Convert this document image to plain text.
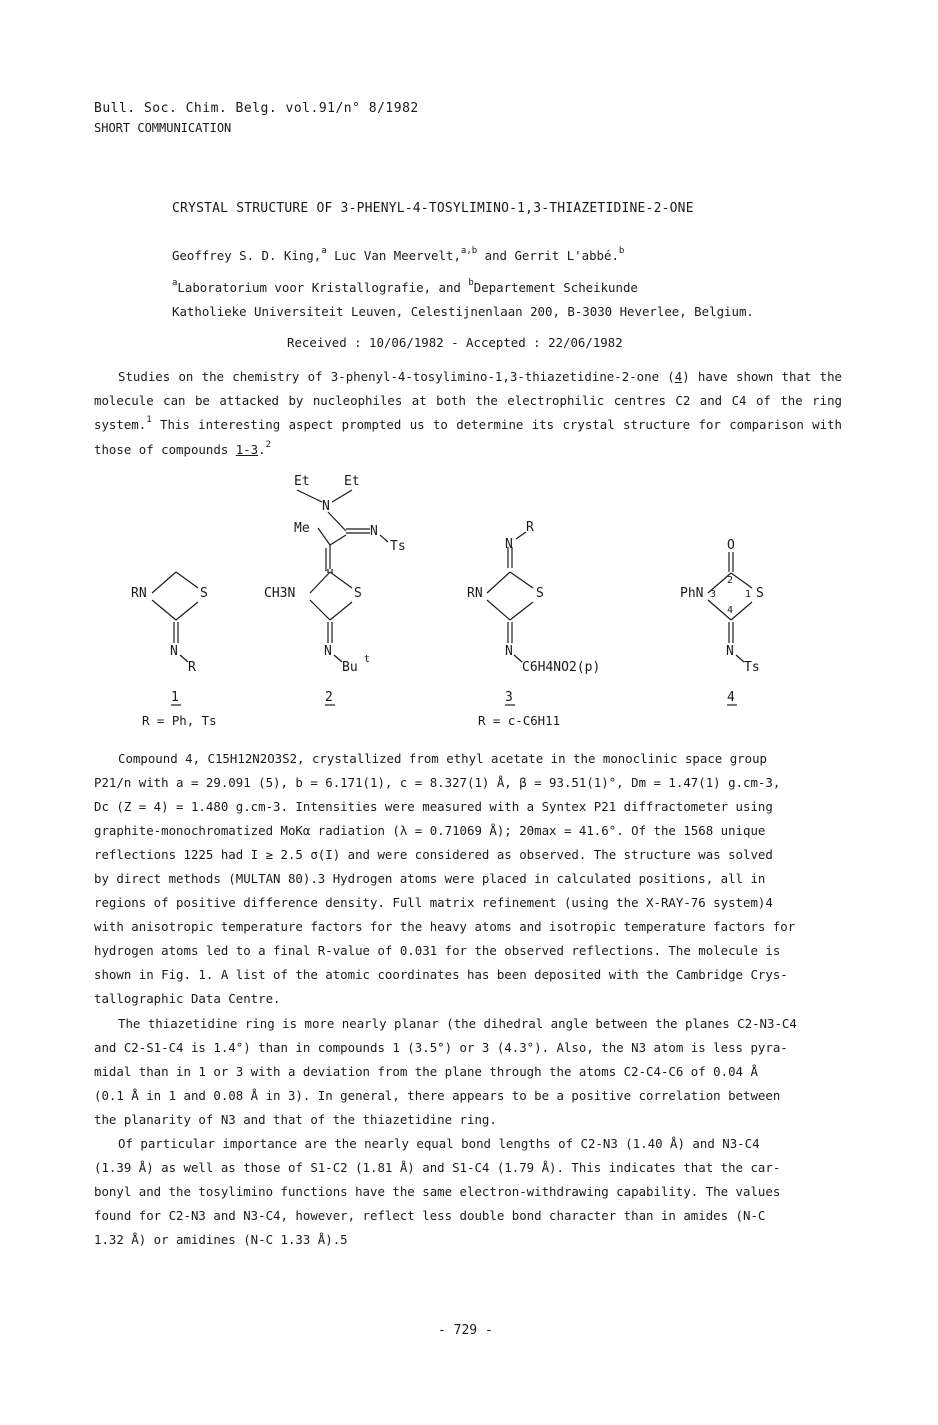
Bull. Soc. Chim. Belg. vol.91/n° 8/1982
SHORT COMMUNICATION
CRYSTAL STRUCTURE OF 3-PHENYL-4-TOSYLIMINO-1,3-THIAZETIDINE-2-ONE
Geoffrey S. D. King,$^a$ Luc Van Meervelt,$^{a,b}$ and Gerrit L'abbé.$^b$
$^a$Laboratorium voor Kristallografie, and $^b$Departement Scheikunde
Katholieke Universiteit Leuven, Celestijnenlaan 200, B-3030 Heverlee, Belgium.
Received : 10/06/1982 - Accepted : 22/06/1982
Studies on the chemistry of 3-phenyl-4-tosylimino-1,3-thiazetidine-2-one (4) have shown that the molecule can be attacked by nucleophiles at both the electrophilic centres C2 and C4 of the ring system.$^1$ This interesting aspect prompted us to determine its crystal structure for comparison with those of compounds 1-3.$^2$
RN	S
N
R
1
R = Ph, Ts
Et	Et
N
Me	N
Ts
CH3N	S
N
Bu
t
2
N
R
RN	S
N
C6H4NO2(p)
3
R = c-C6H11
O
PhN 3
2
1 S
4
N
Ts
4
Compound 4, C15H12N2O3S2, crystallized from ethyl acetate in the monoclinic space group
P21/n with a = 29.091 (5), b = 6.171(1), c = 8.327(1) Å, β = 93.51(1)°, Dm = 1.47(1) g.cm-3,
Dc (Z = 4) = 1.480 g.cm-3. Intensities were measured with a Syntex P21 diffractometer using
graphite-monochromatized MoKα radiation (λ = 0.71069 Å); 2Θmax = 41.6°. Of the 1568 unique
reflections 1225 had I ≥ 2.5 σ(I) and were considered as observed. The structure was solved
by direct methods (MULTAN 80).3 Hydrogen atoms were placed in calculated positions, all in
regions of positive difference density. Full matrix refinement (using the X-RAY-76 system)4
with anisotropic temperature factors for the heavy atoms and isotropic temperature factors for
hydrogen atoms led to a final R-value of 0.031 for the observed reflections. The molecule is
shown in Fig. 1. A list of the atomic coordinates has been deposited with the Cambridge Crys-
tallographic Data Centre.
The thiazetidine ring is more nearly planar (the dihedral angle between the planes C2-N3-C4
and C2-S1-C4 is 1.4°) than in compounds 1 (3.5°) or 3 (4.3°). Also, the N3 atom is less pyra-
midal than in 1 or 3 with a deviation from the plane through the atoms C2-C4-C6 of 0.04 Å
(0.1 Å in 1 and 0.08 Å in 3). In general, there appears to be a positive correlation between
the planarity of N3 and that of the thiazetidine ring.
Of particular importance are the nearly equal bond lengths of C2-N3 (1.40 Å) and N3-C4
(1.39 Å) as well as those of S1-C2 (1.81 Å) and S1-C4 (1.79 Å). This indicates that the car-
bonyl and the tosylimino functions have the same electron-withdrawing capability. The values
found for C2-N3 and N3-C4, however, reflect less double bond character than in amides (N-C
1.32 Å) or amidines (N-C 1.33 Å).5
- 729 -
